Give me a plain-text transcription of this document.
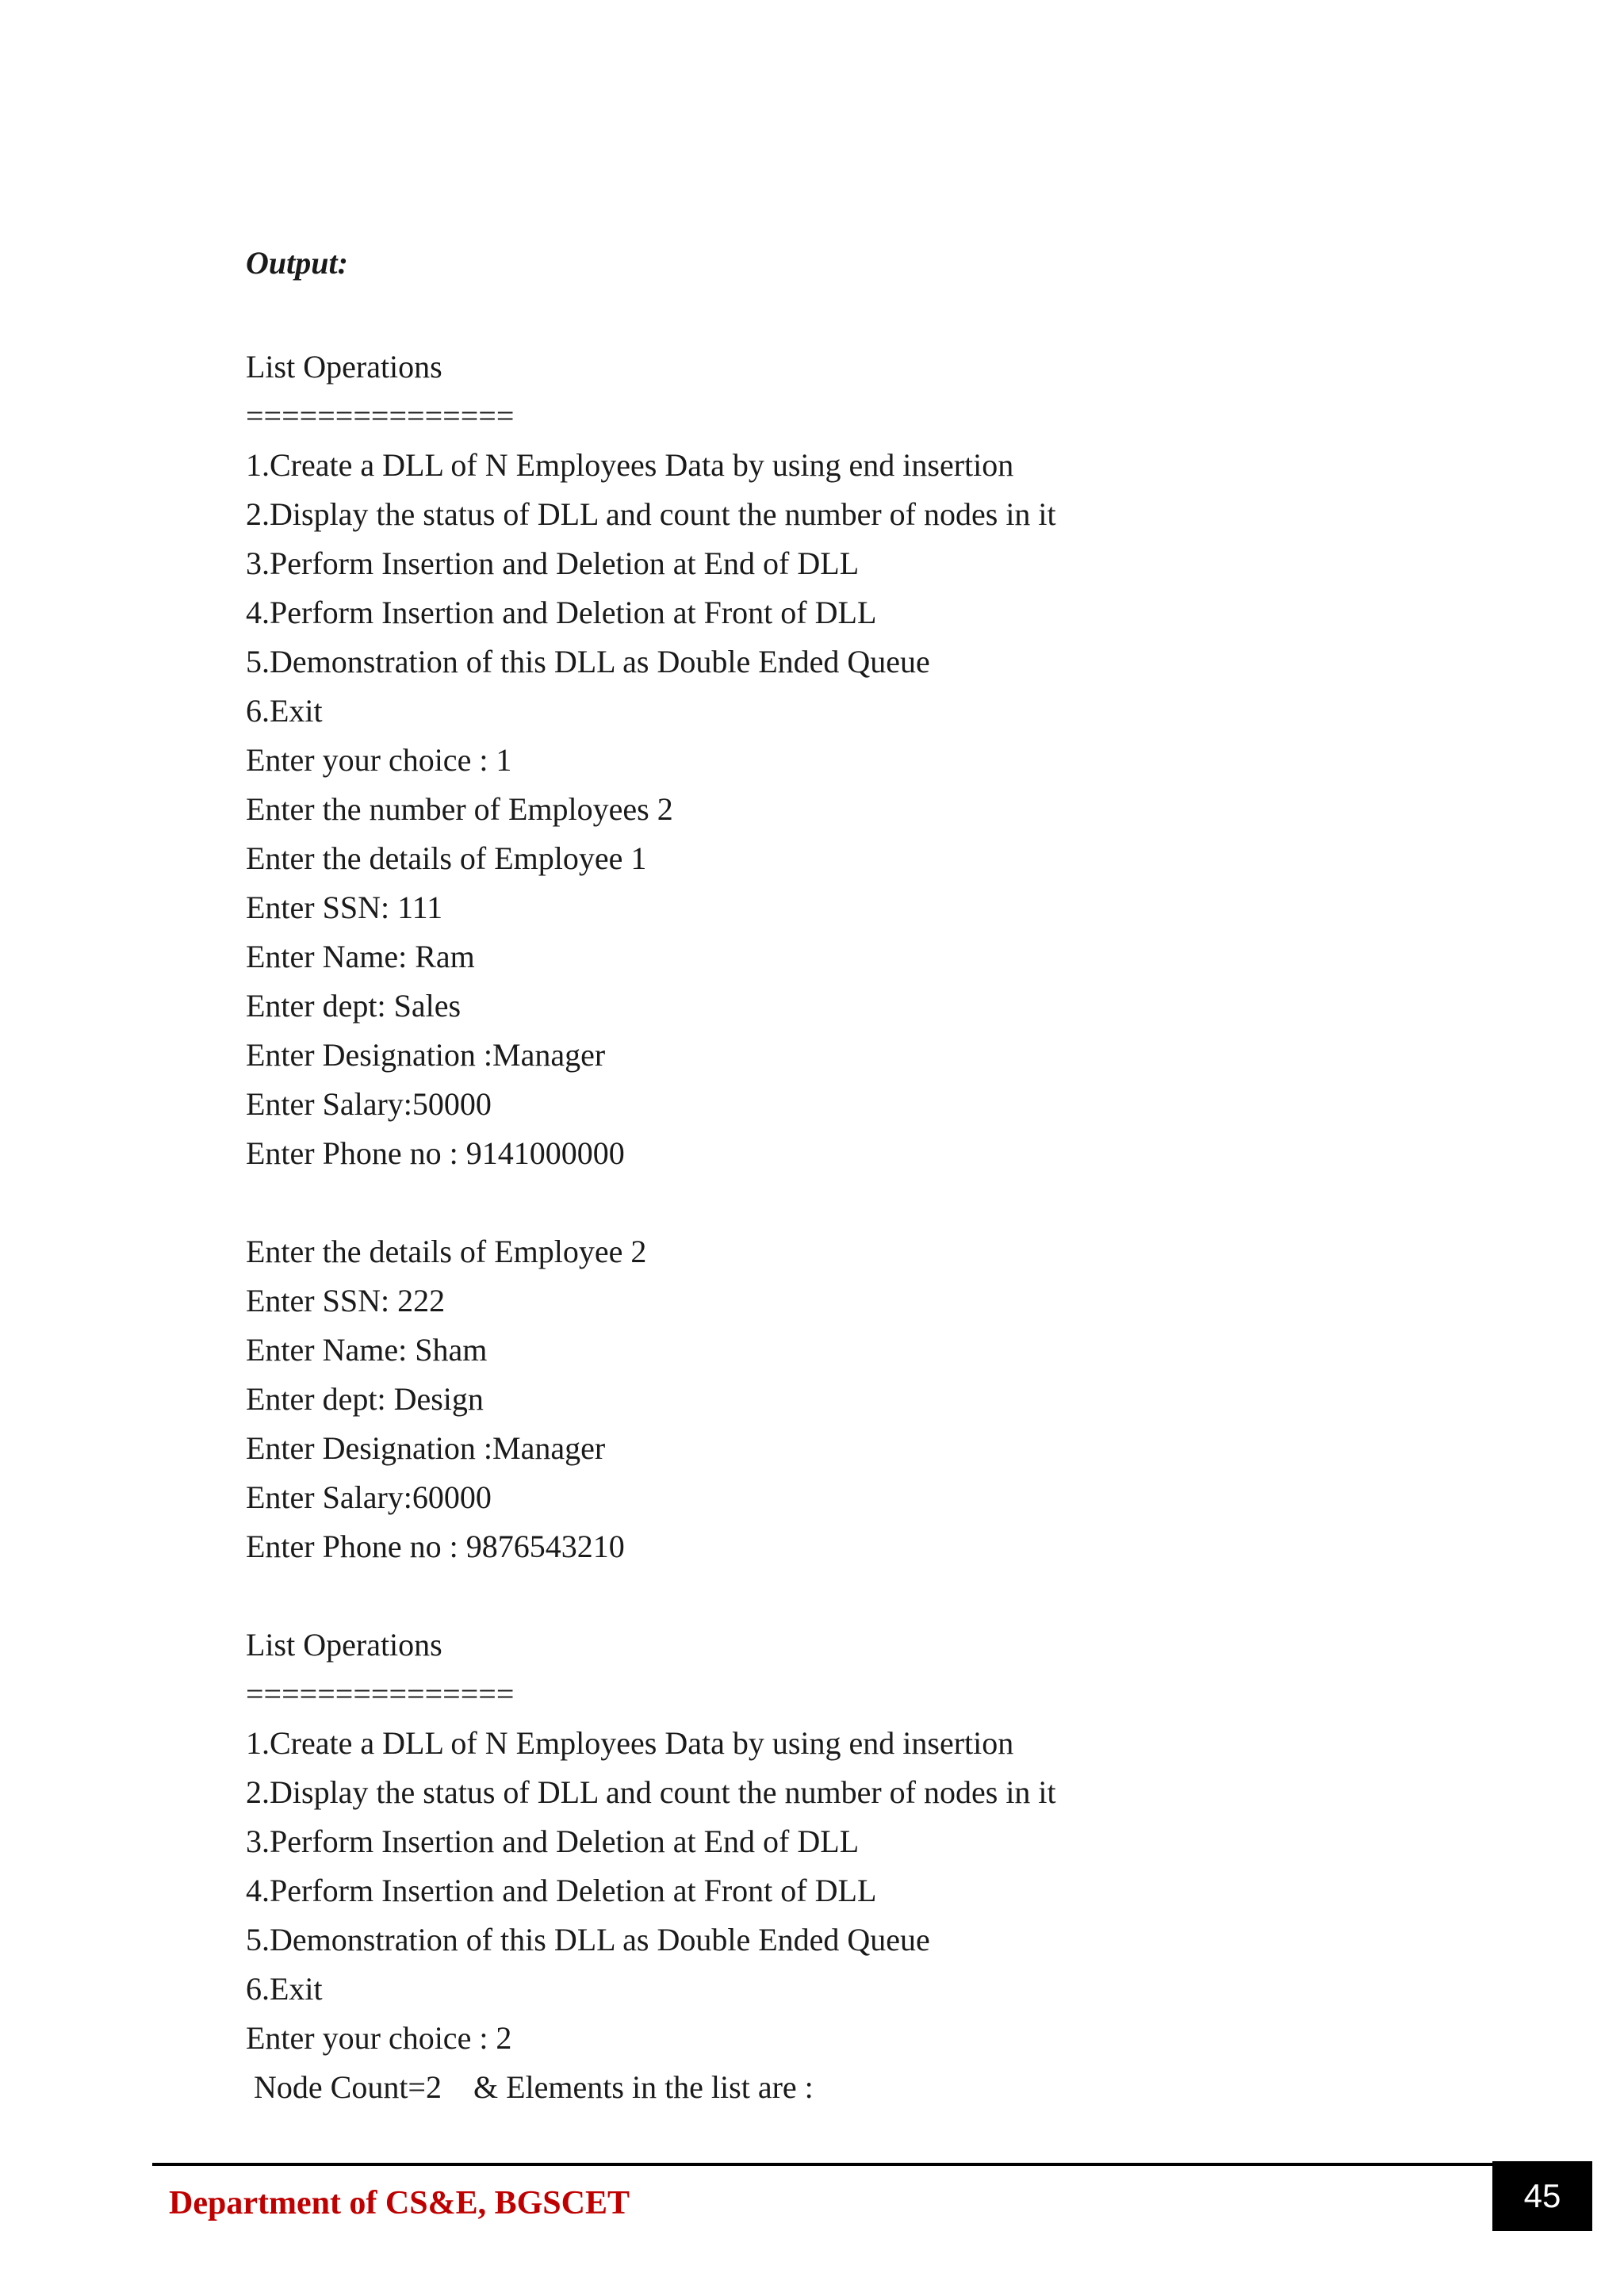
Output:
List Operations
===============
1.Create a DLL of N Employees Data by using end insertion
2.Display the status of DLL and count the number of nodes in it
3.Perform Insertion and Deletion at End of DLL
4.Perform Insertion and Deletion at Front of DLL
5.Demonstration of this DLL as Double Ended Queue
6.Exit
Enter your choice : 1
Enter the number of Employees 2
Enter the details of Employee 1
Enter SSN: 111
Enter Name: Ram
Enter dept: Sales
Enter Designation :Manager
Enter Salary:50000
Enter Phone no : 9141000000
Enter the details of Employee 2
Enter SSN: 222
Enter Name: Sham
Enter dept: Design
Enter Designation :Manager
Enter Salary:60000
Enter Phone no : 9876543210
List Operations
===============
1.Create a DLL of N Employees Data by using end insertion
2.Display the status of DLL and count the number of nodes in it
3.Perform Insertion and Deletion at End of DLL
4.Perform Insertion and Deletion at Front of DLL
5.Demonstration of this DLL as Double Ended Queue
6.Exit
Enter your choice : 2
Node Count=2    & Elements in the list are :
Department of CS&E, BGSCET	45
